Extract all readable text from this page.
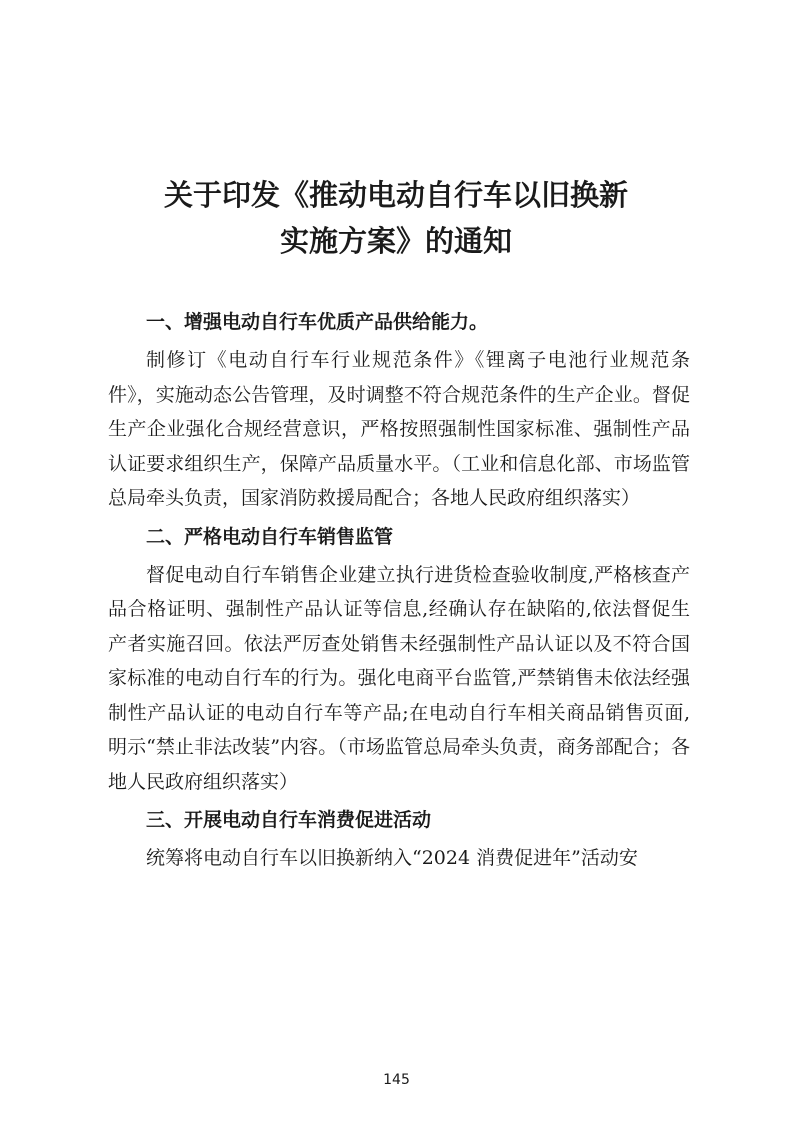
关于印发《推动电动自行车以旧换新
实施方案》的通知

一、增强电动自行车优质产品供给能力。

制修订《电动自行车行业规范条件》《锂离子电池行业规范条件》，实施动态公告管理，及时调整不符合规范条件的生产企业。督促生产企业强化合规经营意识，严格按照强制性国家标准、强制性产品认证要求组织生产，保障产品质量水平。（工业和信息化部、市场监管总局牵头负责，国家消防救援局配合；各地人民政府组织落实）

二、严格电动自行车销售监管

督促电动自行车销售企业建立执行进货检查验收制度,严格核查产品合格证明、强制性产品认证等信息,经确认存在缺陷的,依法督促生产者实施召回。依法严厉查处销售未经强制性产品认证以及不符合国家标准的电动自行车的行为。强化电商平台监管,严禁销售未依法经强制性产品认证的电动自行车等产品;在电动自行车相关商品销售页面,明示“禁止非法改装”内容。（市场监管总局牵头负责，商务部配合；各地人民政府组织落实）

三、开展电动自行车消费促进活动

统筹将电动自行车以旧换新纳入“2024 消费促进年”活动安

145
